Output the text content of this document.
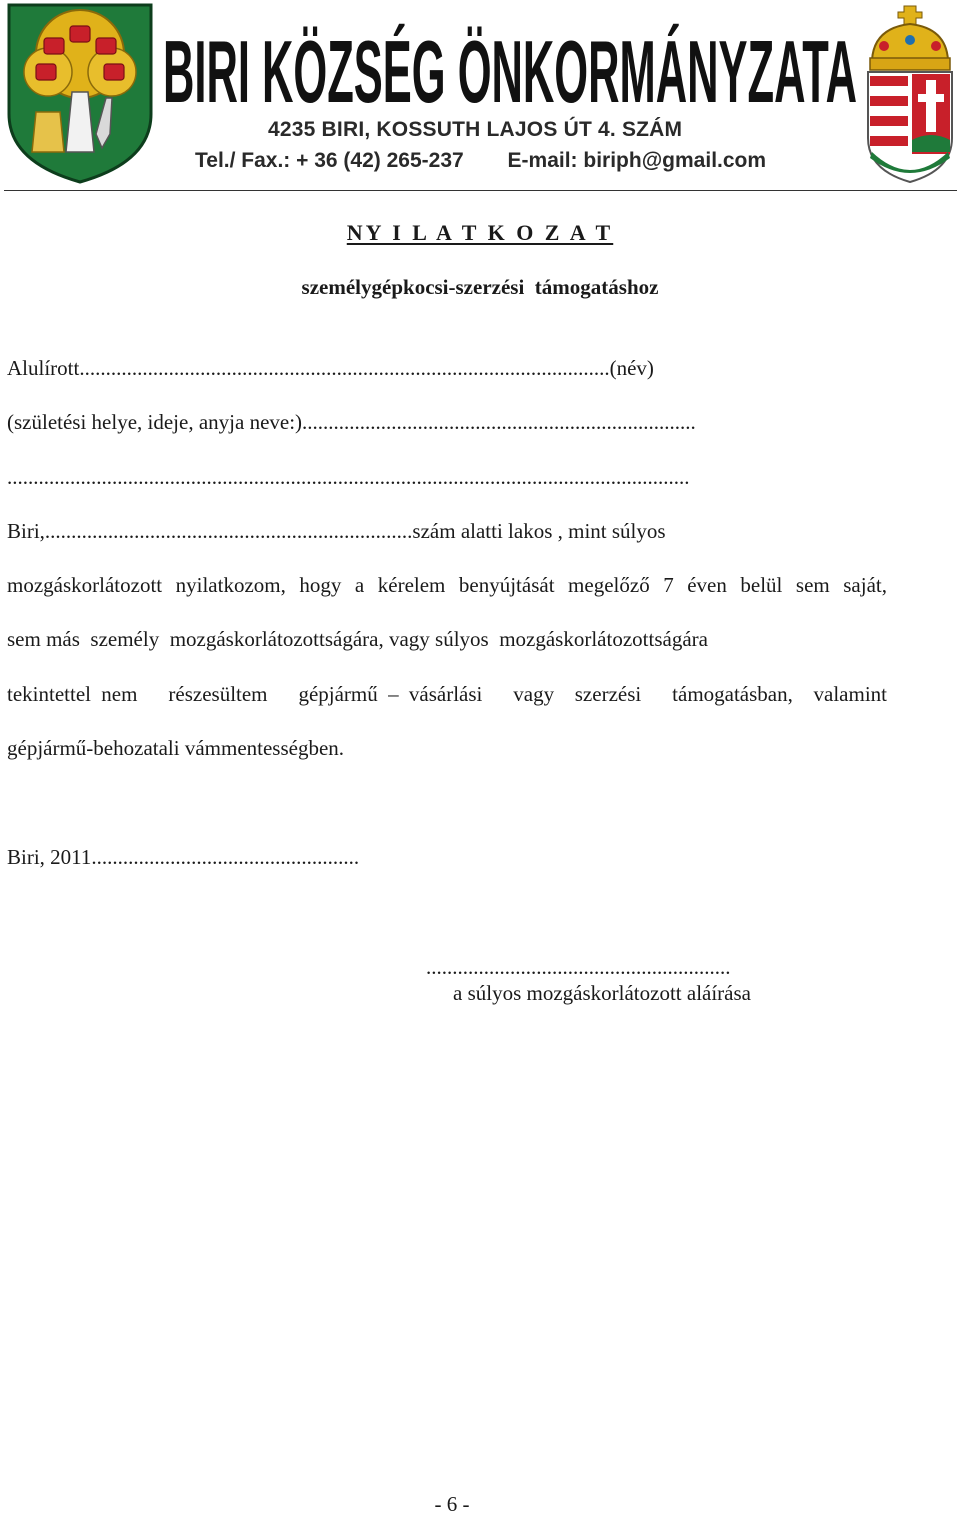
BIRI KÖZSÉG ÖNKORMÁNYZATA
4235 BIRI, KOSSUTH LAJOS ÚT 4. SZÁM
Tel./ Fax.: + 36 (42) 265-237 E-mail: biriph@gmail.com
NY I L A T K O Z A T
személygépkocsi-szerzési  támogatáshoz

Alulírott.....................................................................................................(név)

(születési helye, ideje, anyja neve:)...........................................................................

..................................................................................................................................

Biri,......................................................................szám alatti lakos , mint súlyos

mozgáskorlátozott nyilatkozom, hogy a kérelem benyújtását megelőző 7 éven belül sem saját,

sem más  személy  mozgáskorlátozottságára, vagy súlyos  mozgáskorlátozottságára

tekintettel nem   részesültem   gépjármű – vásárlási   vagy  szerzési   támogatásban,  valamint

gépjármű-behozatali vámmentességben.

Biri, 2011...................................................

..........................................................
a súlyos mozgáskorlátozott aláírása
- 6 -
